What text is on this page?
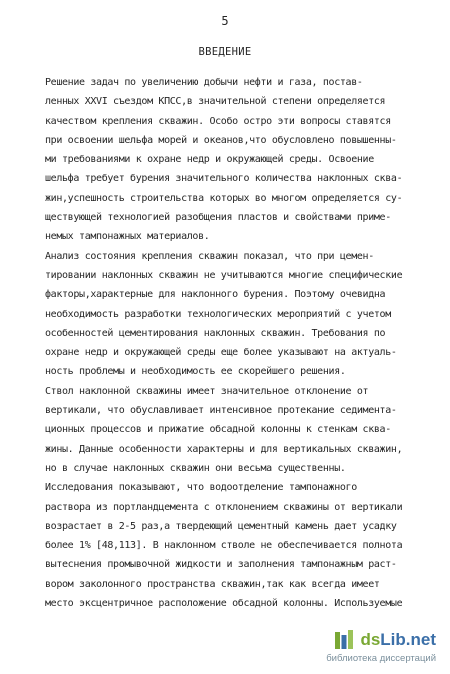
5
ВВЕДЕНИЕ
Решение задач по увеличению добычи нефти и газа, постав-
ленных XXVI съездом КПСС,в значительной степени определяется
качеством крепления скважин. Особо остро эти вопросы ставятся
при освоении шельфа морей и океанов,что обусловлено повышенны-
ми требованиями к охране недр и окружающей среды. Освоение
шельфа требует бурения значительного количества наклонных сква-
жин,успешность строительства которых во многом определяется су-
ществующей технологией разобщения пластов и свойствами приме-
немых тампонажных материалов.
Анализ состояния крепления скважин показал, что при цемен-
тировании наклонных скважин не учитываются многие специфические
факторы,характерные для наклонного бурения. Поэтому очевидна
необходимость разработки технологических мероприятий с учетом
особенностей цементирования наклонных скважин. Требования по
охране недр и окружающей среды еще более указывают на актуаль-
ность проблемы и необходимость ее скорейшего решения.
Ствол наклонной скважины имеет значительное отклонение от
вертикали, что обуславливает интенсивное протекание седимента-
ционных процессов и прижатие обсадной колонны к стенкам сква-
жины. Данные особенности характерны и для вертикальных скважин,
но в случае наклонных скважин они весьма существенны.
Исследования показывают, что водоотделение тампонажного
раствора из портландцемента с отклонением скважины от вертикали
возрастает в 2-5 раз,а твердеющий цементный камень дает усадку
более 1% [48,113]. В наклонном стволе не обеспечивается полнота
вытеснения промывочной жидкости и заполнения тампонажным раст-
вором заколонного пространства скважин,так как всегда имеет
место эксцентричное расположение обсадной колонны. Используемые
dsLib.net
библиотека диссертаций
